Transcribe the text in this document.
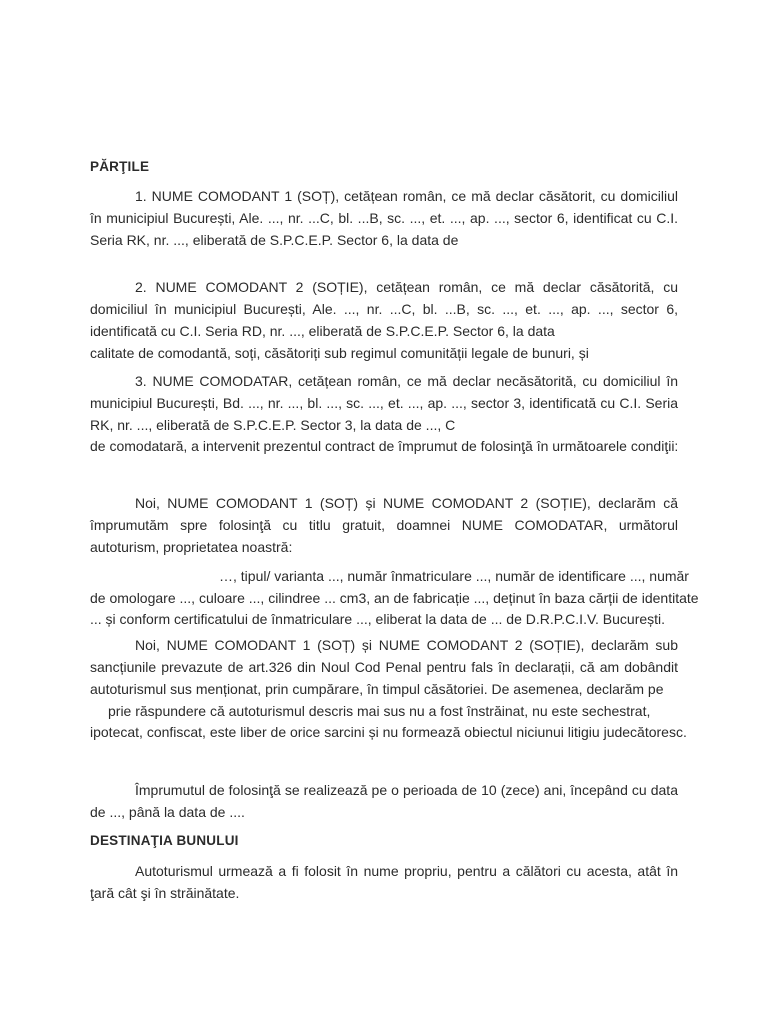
PĂRŢILE

1. NUME COMODANT 1 (SOȚ), cetățean român, ce mă declar căsătorit, cu domiciliul în municipiul București, Ale. ..., nr. ...C, bl. ...B, sc. ..., et. ..., ap. ..., sector 6, identificat cu C.I. Seria RK, nr. ..., eliberată de S.P.C.E.P. Sector 6, la data de

2. NUME COMODANT 2 (SOȚIE), cetățean român, ce mă declar căsătorită, cu domiciliul în municipiul București, Ale. ..., nr. ...C, bl. ...B, sc. ..., et. ..., ap. ..., sector 6, identificată cu C.I. Seria RD, nr. ..., eliberată de S.P.C.E.P. Sector 6, la data

calitate de comodantă, soți, căsătoriți sub regimul comunității legale de bunuri, și

3. NUME COMODATAR, cetățean român, ce mă declar necăsătorită, cu domiciliul în municipiul București, Bd. ..., nr. ..., bl. ..., sc. ..., et. ..., ap. ..., sector 3, identificată cu C.I. Seria RK, nr. ..., eliberată de S.P.C.E.P. Sector 3, la data de ..., C

de comodatară, a intervenit prezentul contract de împrumut de folosinţă în următoarele condiţii:

Noi, NUME COMODANT 1 (SOȚ) și NUME COMODANT 2 (SOȚIE), declarăm că împrumutăm spre folosinţă cu titlu gratuit, doamnei NUME COMODATAR, următorul autoturism, proprietatea noastră:

…, tipul/ varianta ..., număr înmatriculare ..., număr de identificare ..., număr

de omologare ..., culoare ..., cilindree ... cm3, an de fabricație ..., deținut în baza cărții de identitate

... și conform certificatului de înmatriculare ..., eliberat la data de ... de D.R.P.C.I.V. București.

Noi, NUME COMODANT 1 (SOȚ) și NUME COMODANT 2 (SOȚIE), declarăm sub sancțiunile prevazute de art.326 din Noul Cod Penal pentru fals în declarații, că am dobândit autoturismul sus menționat, prin cumpărare, în timpul căsătoriei. De asemenea, declarăm pe

prie răspundere că autoturismul descris mai sus nu a fost înstrăinat, nu este sechestrat,

ipotecat, confiscat, este liber de orice sarcini și nu formează obiectul niciunui litigiu judecătoresc.

Împrumutul de folosinţă se realizează pe o perioada de 10 (zece) ani, începând cu data de ..., până la data de ....

DESTINAŢIA BUNULUI

Autoturismul urmează a fi folosit în nume propriu, pentru a călători cu acesta, atât în ţară cât şi în străinătate.
